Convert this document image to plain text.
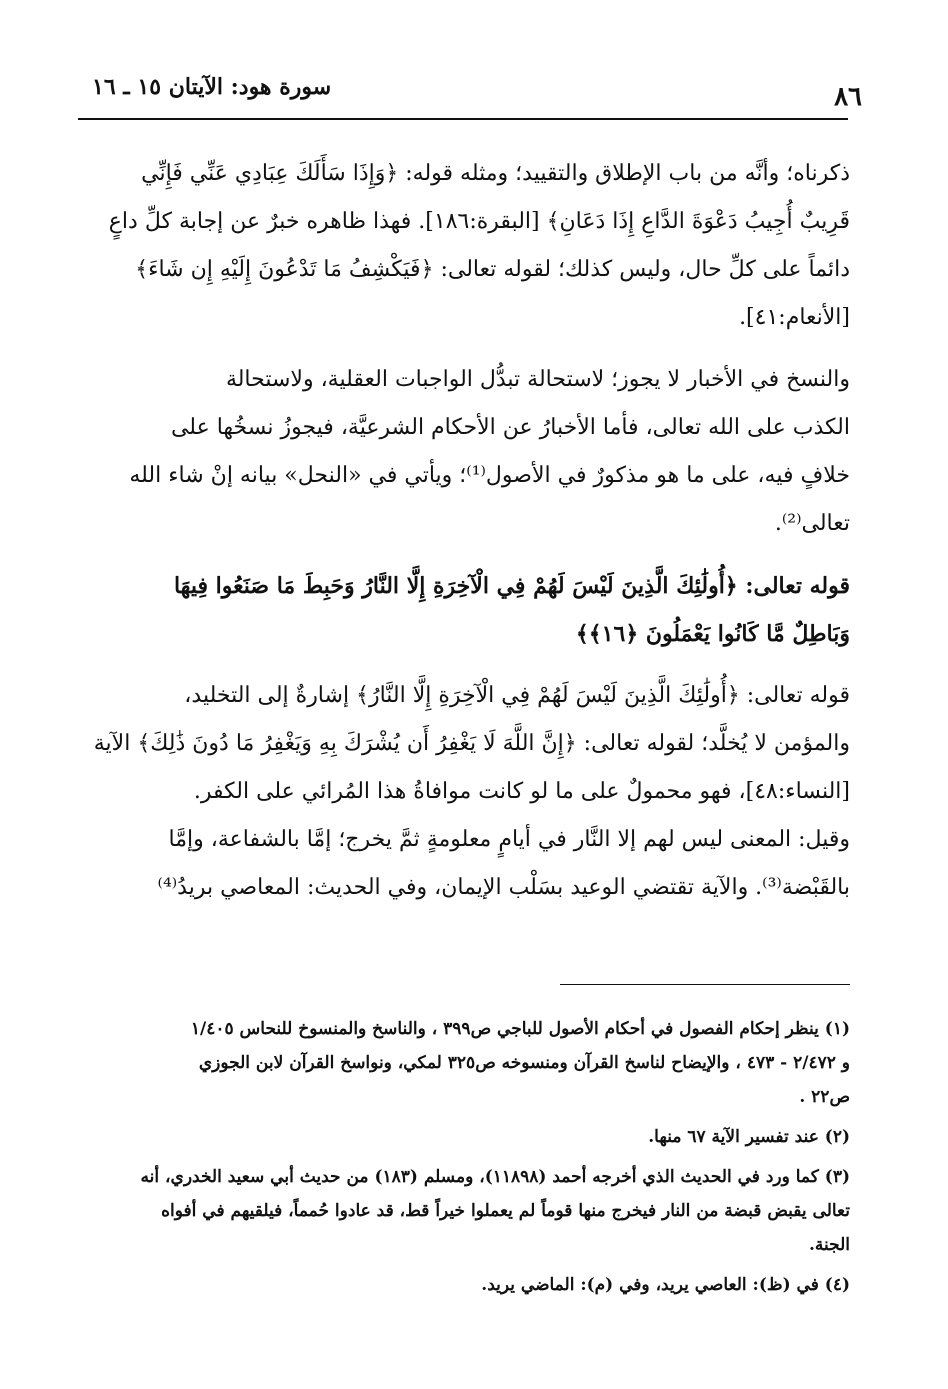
٨٦
سورة هود: الآيتان ١٥ ـ ١٦
ذكرناه؛ وأنَّه من باب الإطلاق والتقييد؛ ومثله قوله: ﴿وَإِذَا سَأَلَكَ عِبَادِي عَنِّي فَإِنِّي
قَرِيبٌ أُجِيبُ دَعْوَةَ الدَّاعِ إِذَا دَعَانِ﴾ [البقرة:١٨٦]. فهذا ظاهره خبرٌ عن إجابة كلِّ داعٍ
دائماً على كلِّ حال، وليس كذلك؛ لقوله تعالى: ﴿فَيَكْشِفُ مَا تَدْعُونَ إِلَيْهِ إِن شَاءَ﴾
[الأنعام:٤١].
والنسخ في الأخبار لا يجوز؛ لاستحالة تبدُّل الواجبات العقلية، ولاستحالة
الكذب على الله تعالى، فأما الأخبارُ عن الأحكام الشرعيَّة، فيجوزُ نسخُها على
خلافٍ فيه، على ما هو مذكورٌ في الأصول⁽¹⁾؛ ويأتي في «النحل» بيانه إنْ شاء الله
تعالى⁽²⁾.
قوله تعالى: ﴿أُولَٰئِكَ الَّذِينَ لَيْسَ لَهُمْ فِي الْآخِرَةِ إِلَّا النَّارُ وَحَبِطَ مَا صَنَعُوا فِيهَا
وَبَاطِلٌ مَّا كَانُوا يَعْمَلُونَ ﴿١٦﴾﴾
قوله تعالى: ﴿أُولَٰئِكَ الَّذِينَ لَيْسَ لَهُمْ فِي الْآخِرَةِ إِلَّا النَّارُ﴾ إشارةٌ إلى التخليد،
والمؤمن لا يُخلَّد؛ لقوله تعالى: ﴿إِنَّ اللَّهَ لَا يَغْفِرُ أَن يُشْرَكَ بِهِ وَيَغْفِرُ مَا دُونَ ذَٰلِكَ﴾ الآية
[النساء:٤٨]، فهو محمولٌ على ما لو كانت موافاةُ هذا المُرائي على الكفر.
وقيل: المعنى ليس لهم إلا النَّار في أيامٍ معلومةٍ ثمَّ يخرج؛ إمَّا بالشفاعة، وإمَّا
بالقَبْضة⁽³⁾. والآية تقتضي الوعيد بسَلْب الإيمان، وفي الحديث: المعاصي بريدُ⁽⁴⁾
(١) ينظر إحكام الفصول في أحكام الأصول للباجي ص٣٩٩ ، والناسخ والمنسوخ للنحاس ١/٤٠٥
و ٢/٤٧٢ - ٤٧٣ ، والإيضاح لناسخ القرآن ومنسوخه ص٣٢٥ لمكي، ونواسخ القرآن لابن الجوزي
ص٢٢ .
(٢) عند تفسير الآية ٦٧ منها.
(٣) كما ورد في الحديث الذي أخرجه أحمد (١١٨٩٨)، ومسلم (١٨٣) من حديث أبي سعيد الخدري، أنه
تعالى يقبض قبضة من النار فيخرج منها قوماً لم يعملوا خيراً قط، قد عادوا حُمماً، فيلقيهم في أفواه
الجنة.
(٤) في (ظ): العاصي يريد، وفي (م): الماضي يريد.
